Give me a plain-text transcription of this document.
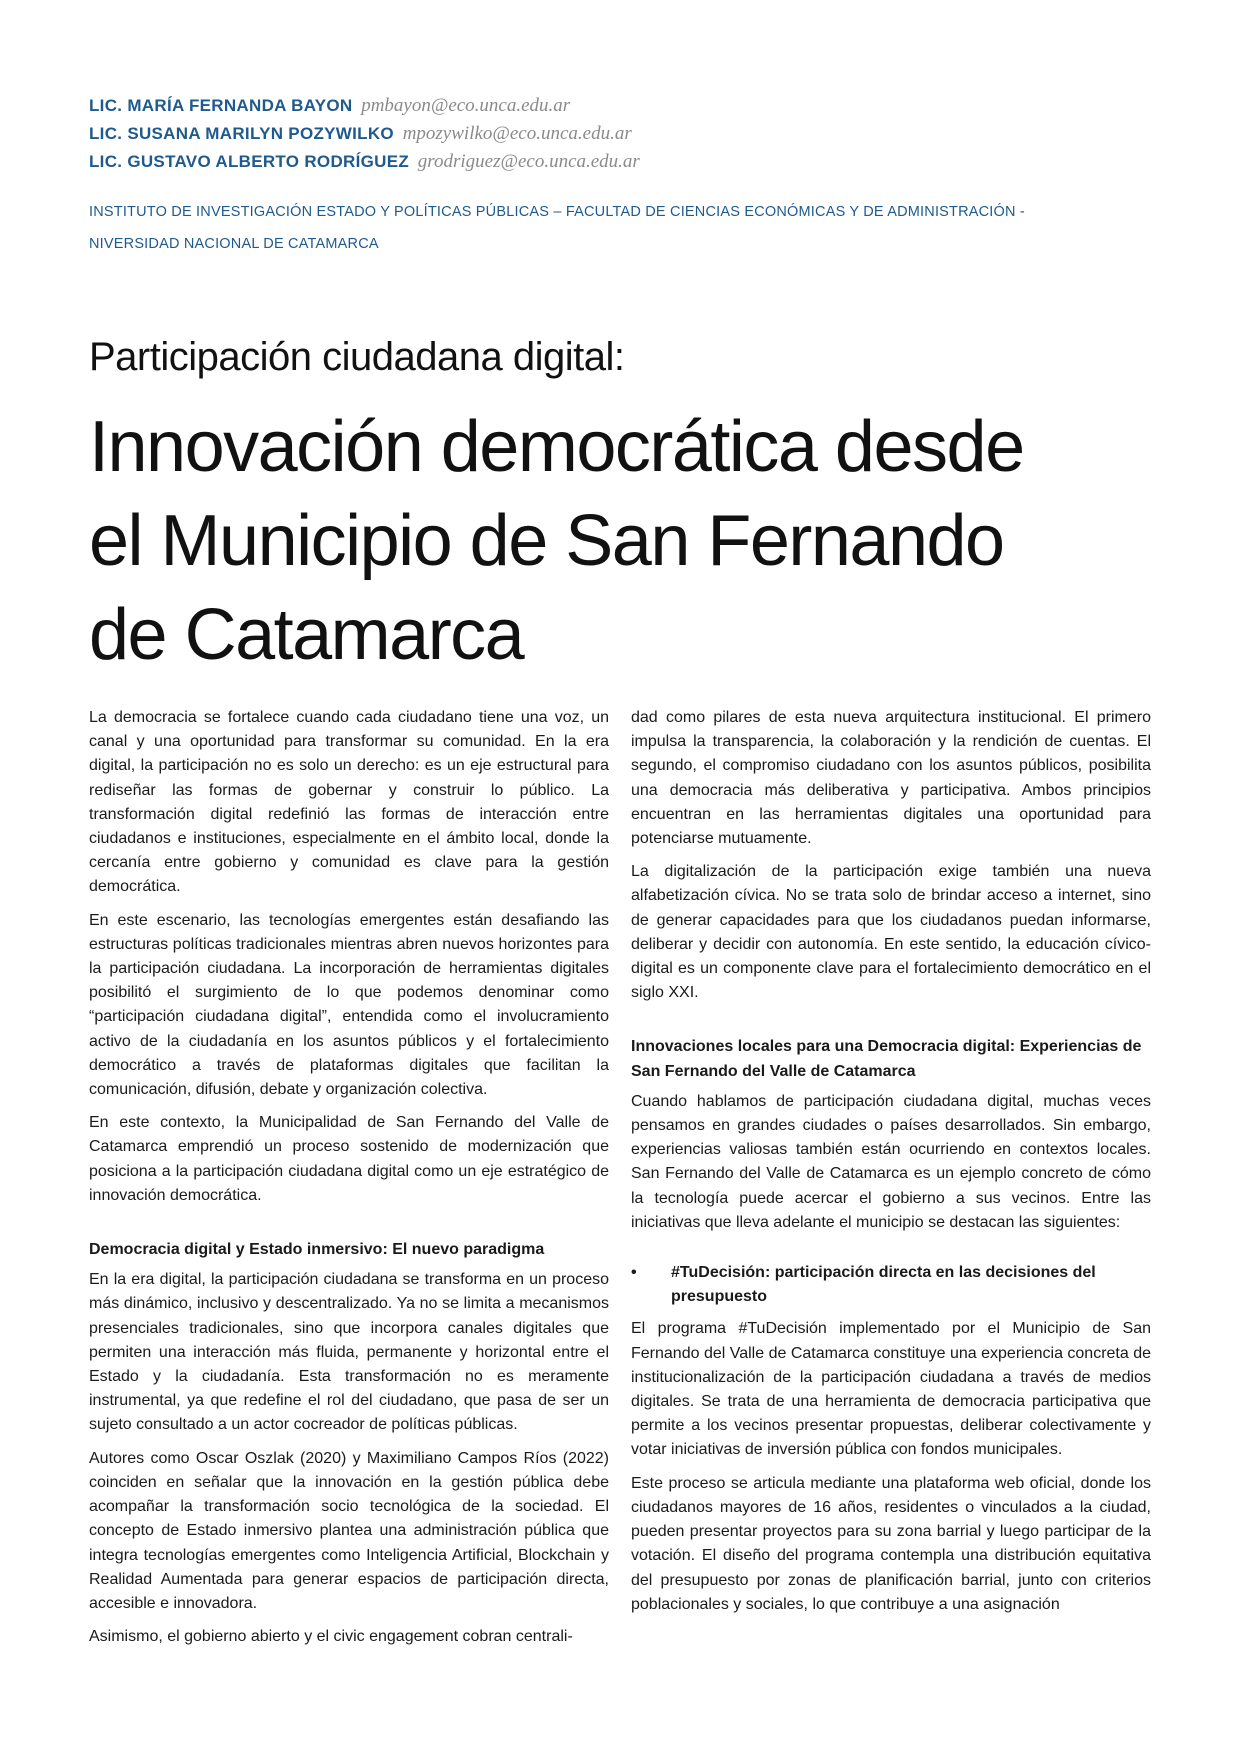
LIC. MARÍA FERNANDA BAYON pmbayon@eco.unca.edu.ar
LIC. SUSANA MARILYN POZYWILKO mpozywilko@eco.unca.edu.ar
LIC. GUSTAVO ALBERTO RODRÍGUEZ grodriguez@eco.unca.edu.ar
INSTITUTO DE INVESTIGACIÓN ESTADO Y POLÍTICAS PÚBLICAS – FACULTAD DE CIENCIAS ECONÓMICAS Y DE ADMINISTRACIÓN -
NIVERSIDAD NACIONAL DE CATAMARCA
Participación ciudadana digital:
Innovación democrática desde
el Municipio de San Fernando
de Catamarca

La democracia se fortalece cuando cada ciudadano tiene una voz, un canal y una oportunidad para transformar su comunidad. En la era digital, la participación no es solo un derecho: es un eje estructural para rediseñar las formas de gobernar y construir lo público. La transformación digital redefinió las formas de interacción entre ciudadanos e instituciones, especialmente en el ámbito local, donde la cercanía entre gobierno y comunidad es clave para la gestión democrática.

En este escenario, las tecnologías emergentes están desafiando las estructuras políticas tradicionales mientras abren nuevos horizontes para la participación ciudadana. La incorporación de herramientas digitales posibilitó el surgimiento de lo que podemos denominar como “participación ciudadana digital”, entendida como el involucramiento activo de la ciudadanía en los asuntos públicos y el fortalecimiento democrático a través de plataformas digitales que facilitan la comunicación, difusión, debate y organización colectiva.

En este contexto, la Municipalidad de San Fernando del Valle de Catamarca emprendió un proceso sostenido de modernización que posiciona a la participación ciudadana digital como un eje estratégico de innovación democrática.

Democracia digital y Estado inmersivo: El nuevo paradigma

En la era digital, la participación ciudadana se transforma en un proceso más dinámico, inclusivo y descentralizado. Ya no se limita a mecanismos presenciales tradicionales, sino que incorpora canales digitales que permiten una interacción más fluida, permanente y horizontal entre el Estado y la ciudadanía. Esta transformación no es meramente instrumental, ya que redefine el rol del ciudadano, que pasa de ser un sujeto consultado a un actor cocreador de políticas públicas.

Autores como Oscar Oszlak (2020) y Maximiliano Campos Ríos (2022) coinciden en señalar que la innovación en la gestión pública debe acompañar la transformación socio tecnológica de la sociedad. El concepto de Estado inmersivo plantea una administración pública que integra tecnologías emergentes como Inteligencia Artificial, Blockchain y Realidad Aumentada para generar espacios de participación directa, accesible e innovadora.

Asimismo, el gobierno abierto y el civic engagement cobran centrali-

dad como pilares de esta nueva arquitectura institucional. El primero impulsa la transparencia, la colaboración y la rendición de cuentas. El segundo, el compromiso ciudadano con los asuntos públicos, posibilita una democracia más deliberativa y participativa. Ambos principios encuentran en las herramientas digitales una oportunidad para potenciarse mutuamente.

La digitalización de la participación exige también una nueva alfabetización cívica. No se trata solo de brindar acceso a internet, sino de generar capacidades para que los ciudadanos puedan informarse, deliberar y decidir con autonomía. En este sentido, la educación cívico-digital es un componente clave para el fortalecimiento democrático en el siglo XXI.

Innovaciones locales para una Democracia digital: Experiencias de San Fernando del Valle de Catamarca

Cuando hablamos de participación ciudadana digital, muchas veces pensamos en grandes ciudades o países desarrollados. Sin embargo, experiencias valiosas también están ocurriendo en contextos locales. San Fernando del Valle de Catamarca es un ejemplo concreto de cómo la tecnología puede acercar el gobierno a sus vecinos. Entre las iniciativas que lleva adelante el municipio se destacan las siguientes:

•	#TuDecisión: participación directa en las decisiones del presupuesto

El programa #TuDecisión implementado por el Municipio de San Fernando del Valle de Catamarca constituye una experiencia concreta de institucionalización de la participación ciudadana a través de medios digitales. Se trata de una herramienta de democracia participativa que permite a los vecinos presentar propuestas, deliberar colectivamente y votar iniciativas de inversión pública con fondos municipales.

Este proceso se articula mediante una plataforma web oficial, donde los ciudadanos mayores de 16 años, residentes o vinculados a la ciudad, pueden presentar proyectos para su zona barrial y luego participar de la votación. El diseño del programa contempla una distribución equitativa del presupuesto por zonas de planificación barrial, junto con criterios poblacionales y sociales, lo que contribuye a una asignación
